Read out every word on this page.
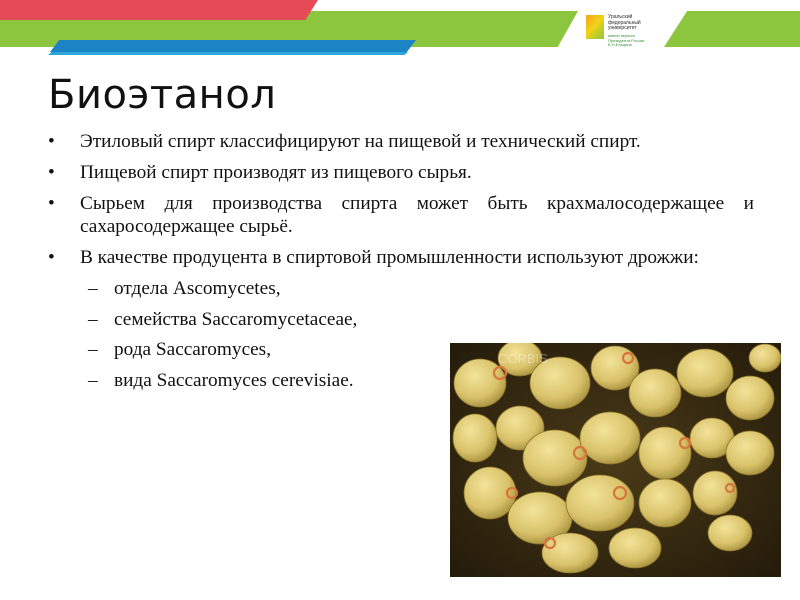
Уральский федеральный университет
имени первого Президента России Б.Н.Ельцина
Биоэтанол
• Этиловый спирт классифицируют на пищевой и технический спирт.
• Пищевой спирт производят из пищевого сырья.
• Сырьем для производства спирта может быть крахмалосодержащее и сахаросодержащее сырьё.
• В качестве продуцента в спиртовой промышленности используют дрожжи:
– отдела Ascomycetes,
– семейства Saccaromycetaceae,
– рода Saccaromyces,
– вида Saccaromyces cerevisiae.
CORBIS
